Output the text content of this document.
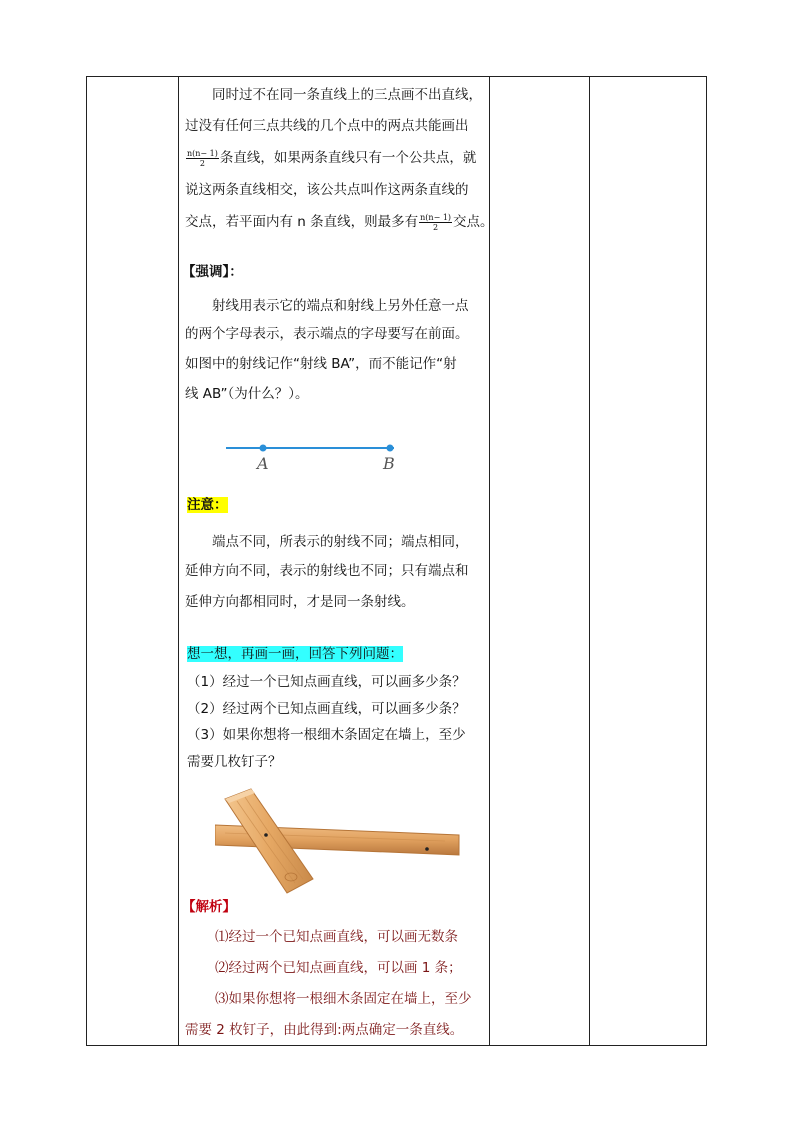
同时过不在同一条直线上的三点画不出直线，
过没有任何三点共线的几个点中的两点共能画出
$\frac{n(n- 1)}{2}$ 条直线，如果两条直线只有一个公共点，就
说这两条直线相交，该公共点叫作这两条直线的
交点，若平面内有 n 条直线，则最多有 $\frac{n(n- 1)}{2}$ 交点。
【强调】：
射线用表示它的端点和射线上另外任意一点
的两个字母表示，表示端点的字母要写在前面。
如图中的射线记作“射线 BA”，而不能记作“射
线 AB”（为什么？）。
A	B
注意：
端点不同，所表示的射线不同；端点相同，
延伸方向不同，表示的射线也不同；只有端点和
延伸方向都相同时，才是同一条射线。
想一想，再画一画，回答下列问题：
（1）经过一个已知点画直线，可以画多少条？
（2）经过两个已知点画直线，可以画多少条？
（3）如果你想将一根细木条固定在墙上，至少
需要几枚钉子？
【解析】
⑴经过一个已知点画直线，可以画无数条
⑵经过两个已知点画直线，可以画 1 条；
⑶如果你想将一根细木条固定在墙上，至少
需要 2 枚钉子，由此得到:两点确定一条直线。
